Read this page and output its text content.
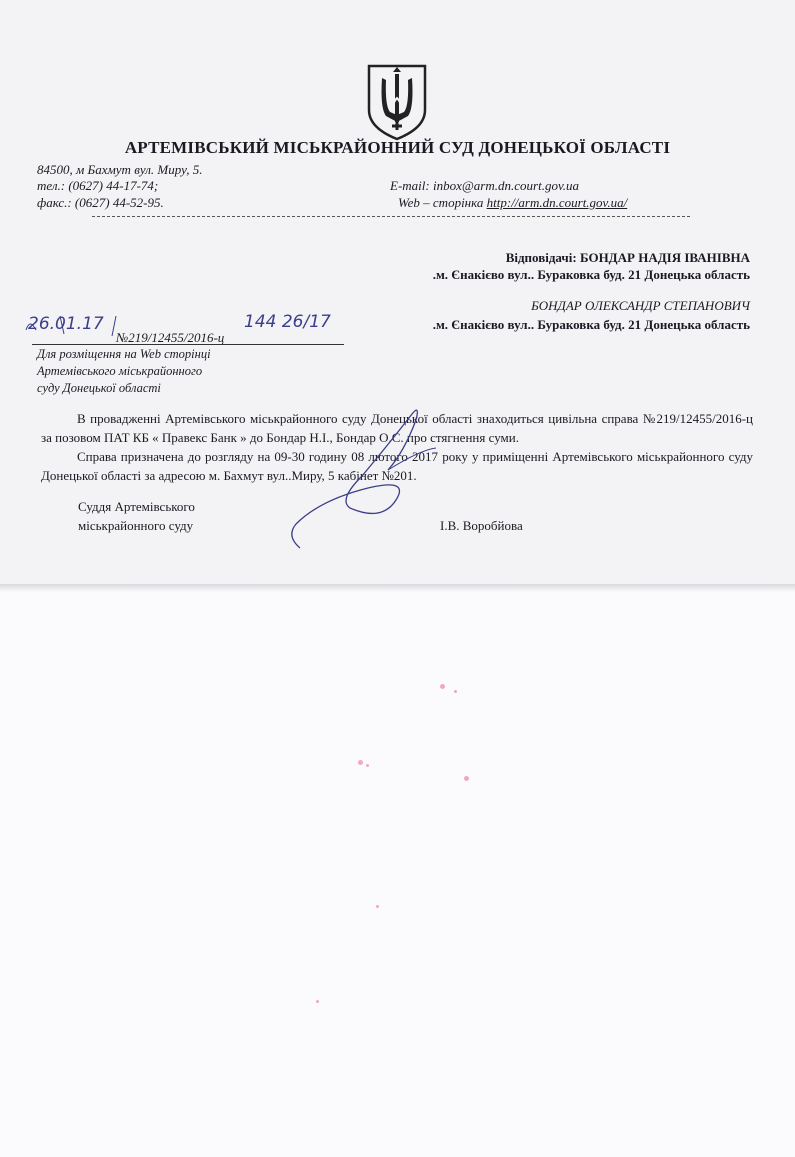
АРТЕМІВСЬКИЙ МІСЬКРАЙОННИЙ СУД ДОНЕЦЬКОЇ ОБЛАСТІ
84500, м Бахмут вул. Миру, 5.
тел.: (0627) 44-17-74;
факс.: (0627) 44-52-95.
E-mail: inbox@arm.dn.court.gov.ua
Web – сторінка http://arm.dn.court.gov.ua/
Відповідачі: БОНДАР НАДІЯ ІВАНІВНА
.м. Єнакієво вул.. Бураковка буд. 21 Донецька область
БОНДАР ОЛЕКСАНДР СТЕПАНОВИЧ
.м. Єнакієво вул.. Бураковка буд. 21 Донецька область
26.01.17
№219/12455/2016-ц
144 26/17
Для розміщення на Web сторінці
Артемівського міськрайонного
суду Донецької області

В провадженні Артемівського міськрайонного суду Донецької області знаходиться цивільна справа №219/12455/2016-ц за позовом ПАТ КБ « Правекс Банк » до Бондар Н.І., Бондар О.С. про стягнення суми.

Справа призначена до розгляду на 09-30 годину 08 лютого 2017 року у приміщенні Артемівського міськрайонного суду Донецької області за адресою м. Бахмут вул..Миру, 5 кабінет №201.

Суддя Артемівського
міськрайонного суду	І.В. Воробйова
